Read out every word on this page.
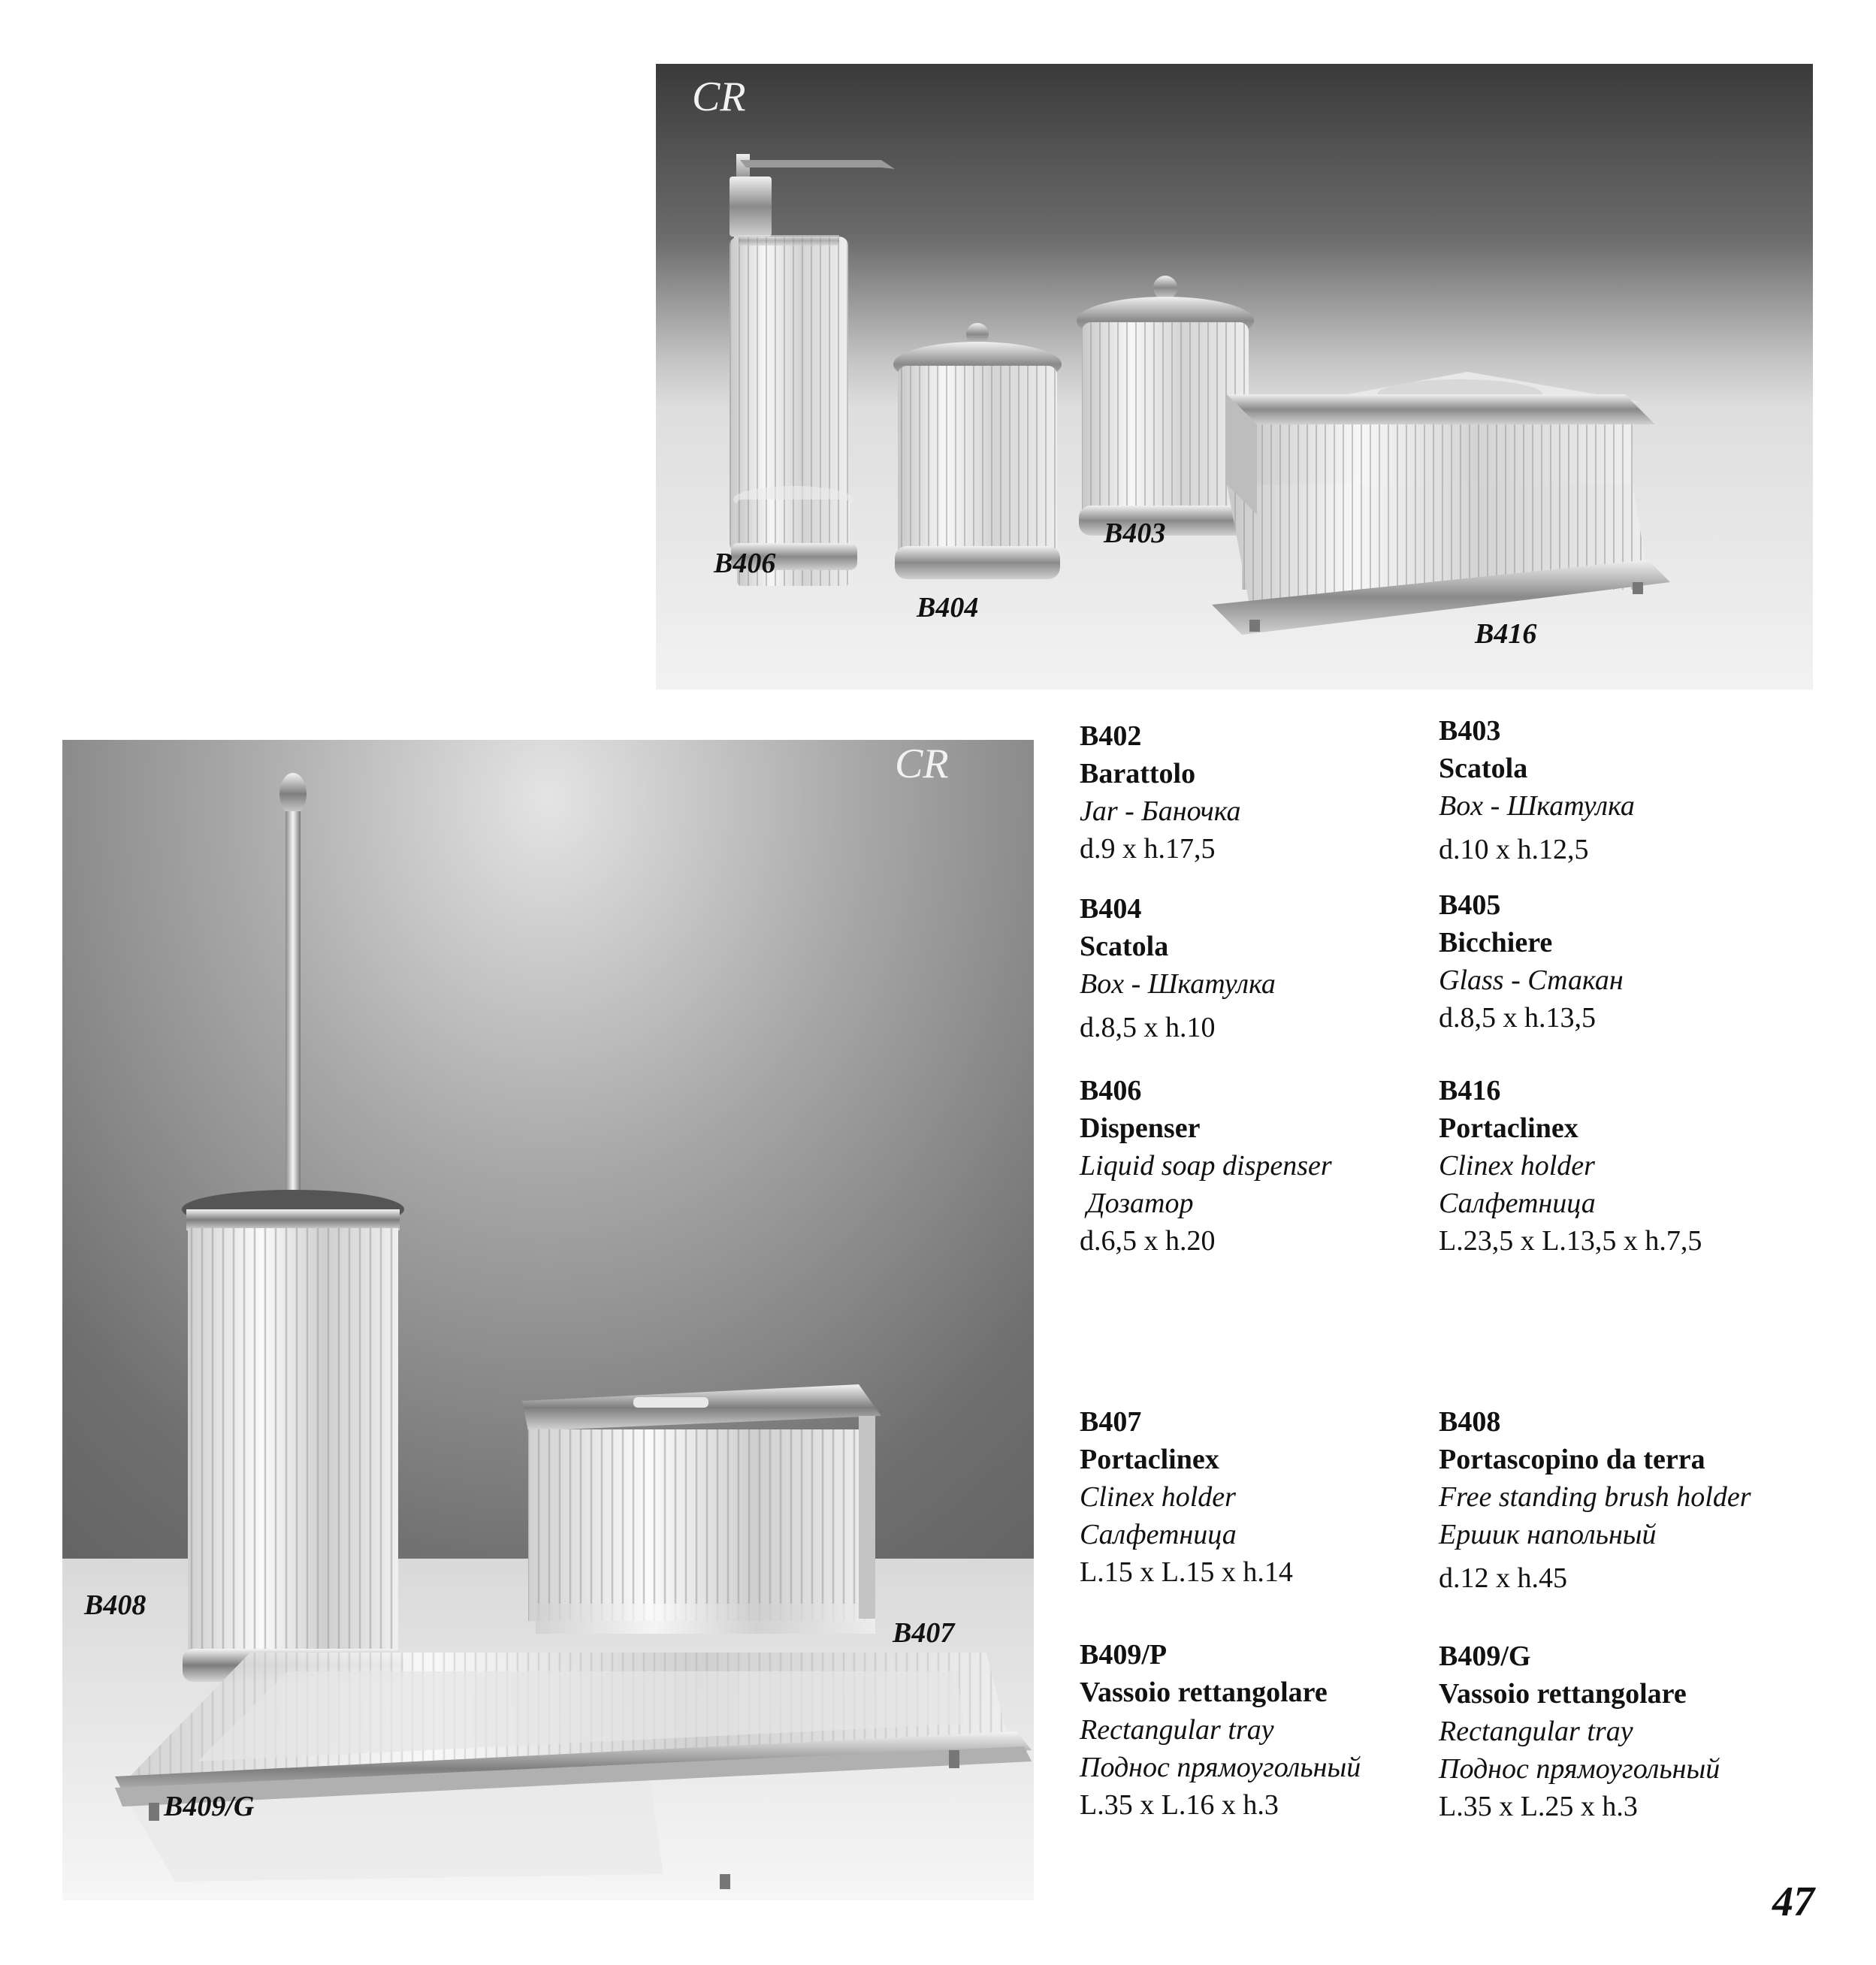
CR
B406
B404
B403
B416
CR
B408
B407
B409/G
B402
Barattolo
Jar - Баночка
d.9 x h.17,5
B403
Scatola
Box - Шкатулка
d.10 x h.12,5
B404
Scatola
Box - Шкатулка
d.8,5 x h.10
B405
Bicchiere
Glass - Стакан
d.8,5 x h.13,5
B406
Dispenser
Liquid soap dispenser
Дозатор
d.6,5 x h.20
B416
Portaclinex
Clinex holder
Салфетница
L.23,5 x L.13,5 x h.7,5
B407
Portaclinex
Clinex holder
Салфетница
L.15 x L.15 x h.14
B408
Portascopino da terra
Free standing brush holder
Ершик напольный
d.12 x h.45
B409/P
Vassoio rettangolare
Rectangular tray
Поднос прямоугольный
L.35 x L.16 x h.3
B409/G
Vassoio rettangolare
Rectangular tray
Поднос прямоугольный
L.35 x L.25 x h.3
47
